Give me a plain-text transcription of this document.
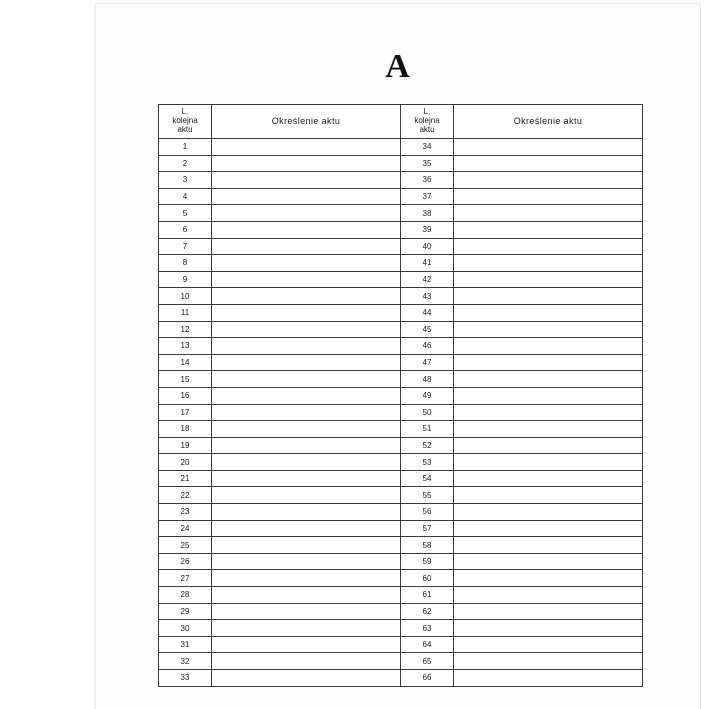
A
L.
kolejna
aktu	Określenie aktu	L.
kolejna
aktu	Określenie aktu
1		34	
2		35	
3		36	
4		37	
5		38	
6		39	
7		40	
8		41	
9		42	
10		43	
11		44	
12		45	
13		46	
14		47	
15		48	
16		49	
17		50	
18		51	
19		52	
20		53	
21		54	
22		55	
23		56	
24		57	
25		58	
26		59	
27		60	
28		61	
29		62	
30		63	
31		64	
32		65	
33		66	
